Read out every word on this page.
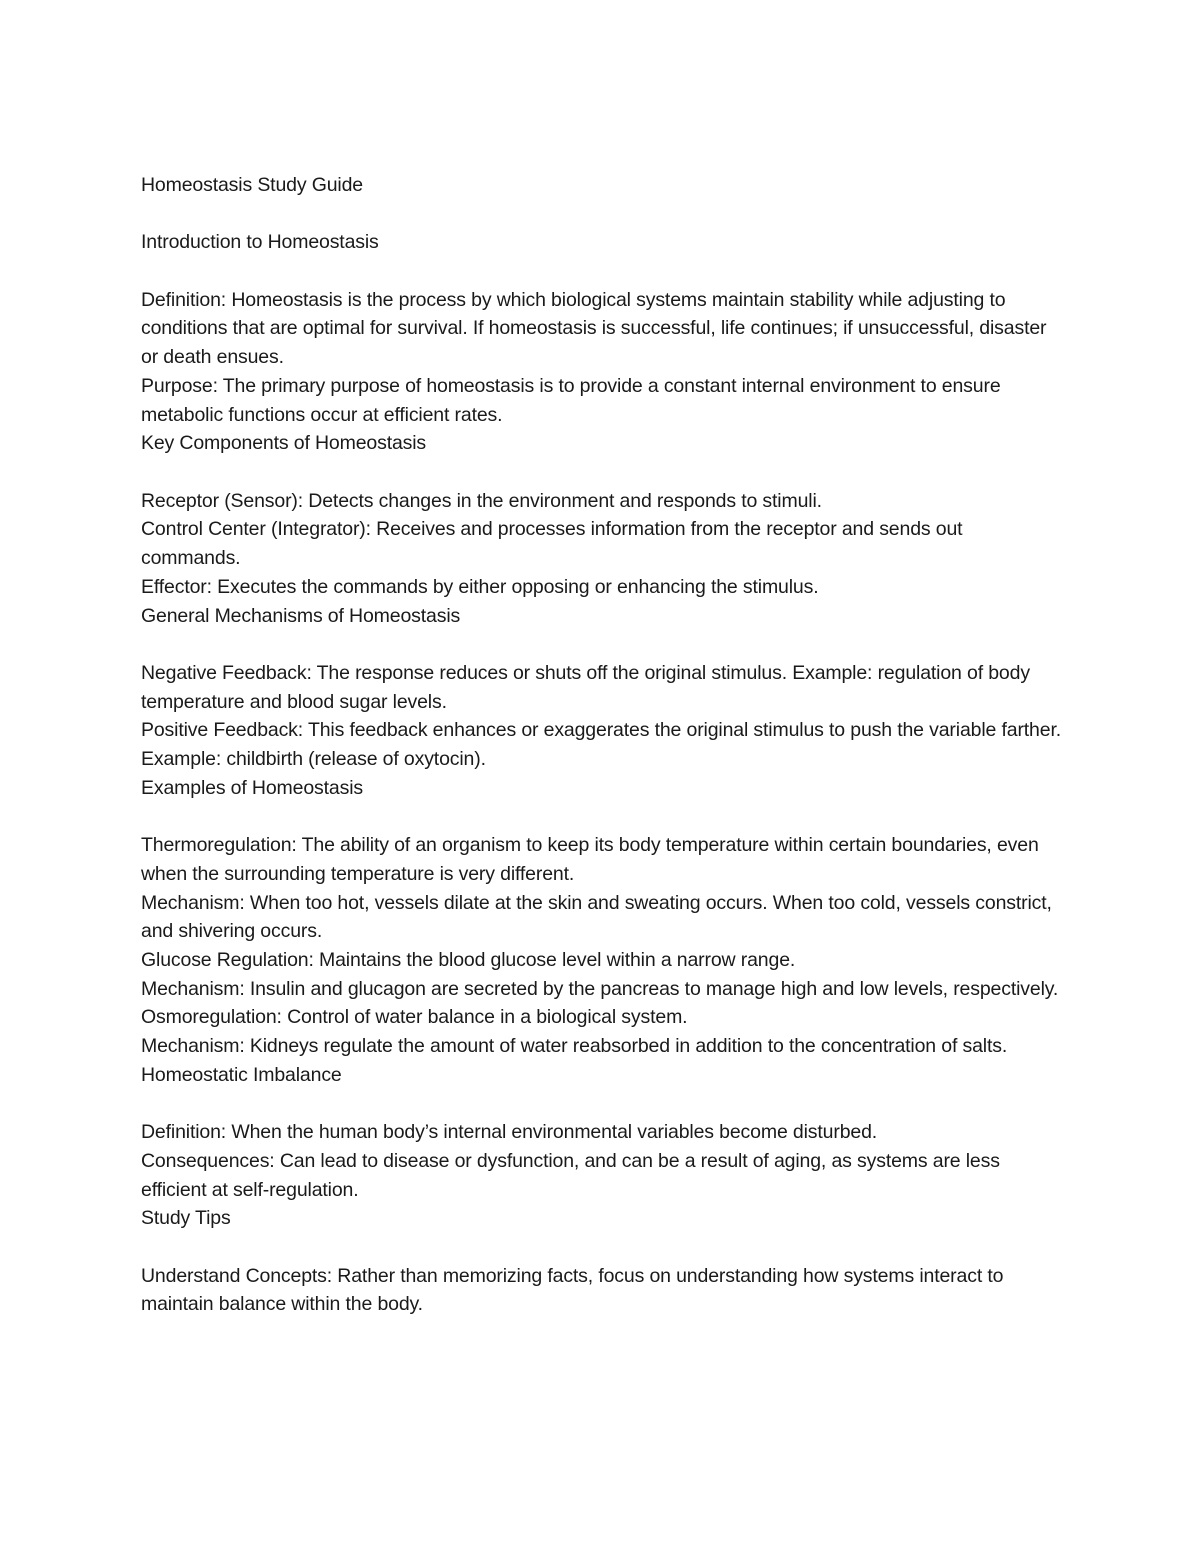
Homeostasis Study Guide

Introduction to Homeostasis

Definition: Homeostasis is the process by which biological systems maintain stability while adjusting to conditions that are optimal for survival. If homeostasis is successful, life continues; if unsuccessful, disaster or death ensues.

Purpose: The primary purpose of homeostasis is to provide a constant internal environment to ensure metabolic functions occur at efficient rates.

Key Components of Homeostasis

Receptor (Sensor): Detects changes in the environment and responds to stimuli.

Control Center (Integrator): Receives and processes information from the receptor and sends out commands.

Effector: Executes the commands by either opposing or enhancing the stimulus.

General Mechanisms of Homeostasis

Negative Feedback: The response reduces or shuts off the original stimulus. Example: regulation of body temperature and blood sugar levels.

Positive Feedback: This feedback enhances or exaggerates the original stimulus to push the variable farther. Example: childbirth (release of oxytocin).

Examples of Homeostasis

Thermoregulation: The ability of an organism to keep its body temperature within certain boundaries, even when the surrounding temperature is very different.

Mechanism: When too hot, vessels dilate at the skin and sweating occurs. When too cold, vessels constrict, and shivering occurs.

Glucose Regulation: Maintains the blood glucose level within a narrow range.

Mechanism: Insulin and glucagon are secreted by the pancreas to manage high and low levels, respectively.

Osmoregulation: Control of water balance in a biological system.

Mechanism: Kidneys regulate the amount of water reabsorbed in addition to the concentration of salts.

Homeostatic Imbalance

Definition: When the human body’s internal environmental variables become disturbed.

Consequences: Can lead to disease or dysfunction, and can be a result of aging, as systems are less efficient at self-regulation.

Study Tips

Understand Concepts: Rather than memorizing facts, focus on understanding how systems interact to maintain balance within the body.
